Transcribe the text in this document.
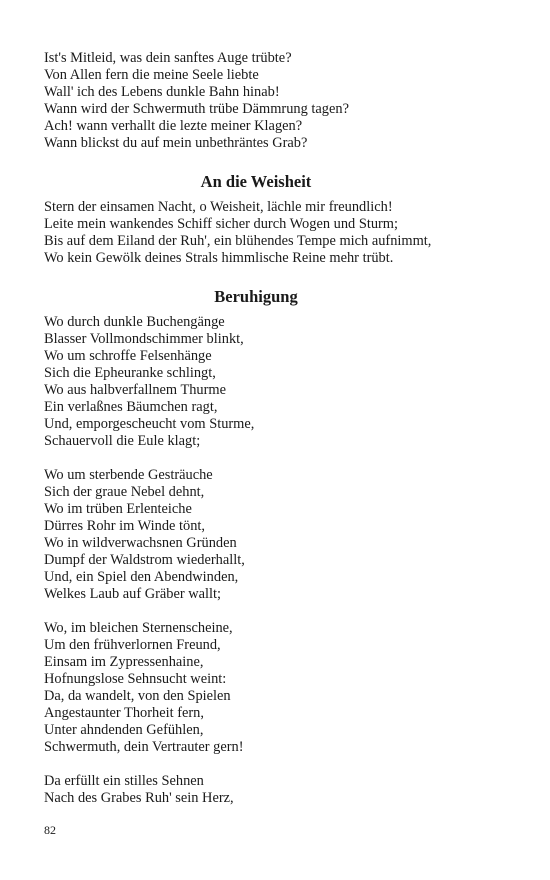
Ist's Mitleid, was dein sanftes Auge trübte?
Von Allen fern die meine Seele liebte
Wall' ich des Lebens dunkle Bahn hinab!
Wann wird der Schwermuth trübe Dämmrung tagen?
Ach! wann verhallt die lezte meiner Klagen?
Wann blickst du auf mein unbethräntes Grab?
An die Weisheit
Stern der einsamen Nacht, o Weisheit, lächle mir freundlich!
Leite mein wankendes Schiff sicher durch Wogen und Sturm;
Bis auf dem Eiland der Ruh', ein blühendes Tempe mich aufnimmt,
Wo kein Gewölk deines Strals himmlische Reine mehr trübt.
Beruhigung
Wo durch dunkle Buchengänge
Blasser Vollmondschimmer blinkt,
Wo um schroffe Felsenhänge
Sich die Epheuranke schlingt,
Wo aus halbverfallnem Thurme
Ein verlaßnes Bäumchen ragt,
Und, emporgescheucht vom Sturme,
Schauervoll die Eule klagt;
Wo um sterbende Gesträuche
Sich der graue Nebel dehnt,
Wo im trüben Erlenteiche
Dürres Rohr im Winde tönt,
Wo in wildverwachsnen Gründen
Dumpf der Waldstrom wiederhallt,
Und, ein Spiel den Abendwinden,
Welkes Laub auf Gräber wallt;
Wo, im bleichen Sternenscheine,
Um den frühverlornen Freund,
Einsam im Zypressenhaine,
Hofnungslose Sehnsucht weint:
Da, da wandelt, von den Spielen
Angestaunter Thorheit fern,
Unter ahndenden Gefühlen,
Schwermuth, dein Vertrauter gern!
Da erfüllt ein stilles Sehnen
Nach des Grabes Ruh' sein Herz,
82
